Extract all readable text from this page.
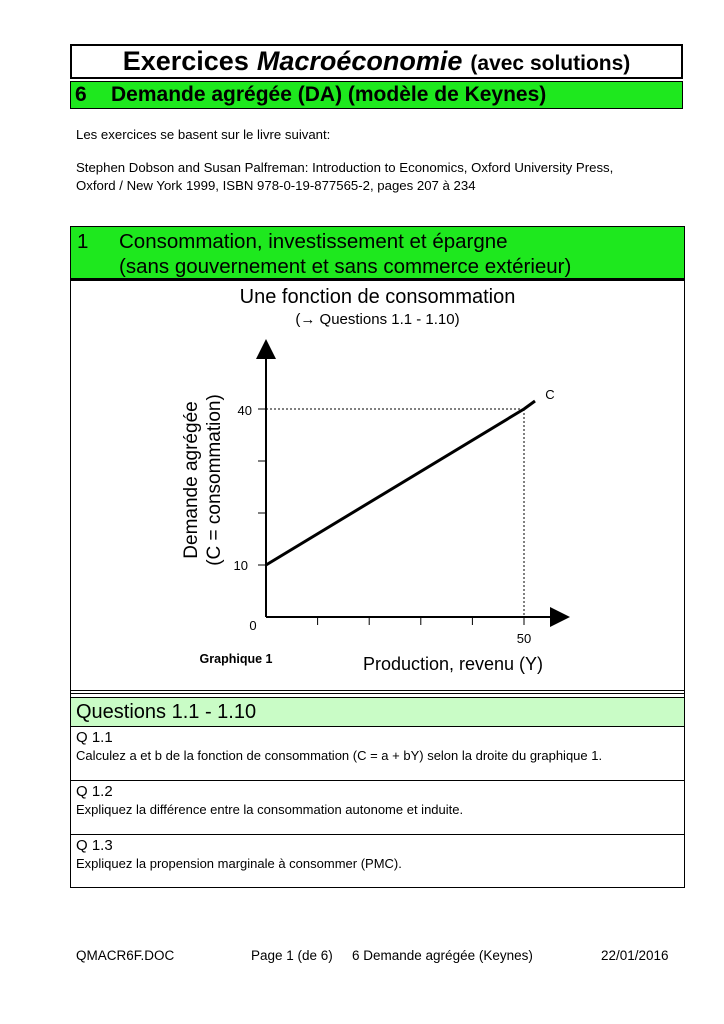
Exercices Macroéconomie (avec solutions)
6	Demande agrégée (DA) (modèle de Keynes)
Les exercices se basent sur le livre suivant:
Stephen Dobson and Susan Palfreman: Introduction to Economics, Oxford University Press,
Oxford / New York 1999, ISBN 978-0-19-877565-2, pages 207 à 234
1 Consommation, investissement et épargne
(sans gouvernement et sans commerce extérieur)
Une fonction de consommation
(→ Questions 1.1 - 1.10)
0
40
10
50
C
Demande agrégée (C = consommation)
Production, revenu (Y)
Graphique 1
Questions 1.1 - 1.10
Q 1.1
Calculez a et b de la fonction de consommation (C = a + bY) selon la droite du graphique 1.
Q 1.2
Expliquez la différence entre la consommation autonome et induite.
Q 1.3
Expliquez la propension marginale à consommer (PMC).
QMACR6F.DOC	Page 1 (de 6) 6 Demande agrégée (Keynes)	22/01/2016
